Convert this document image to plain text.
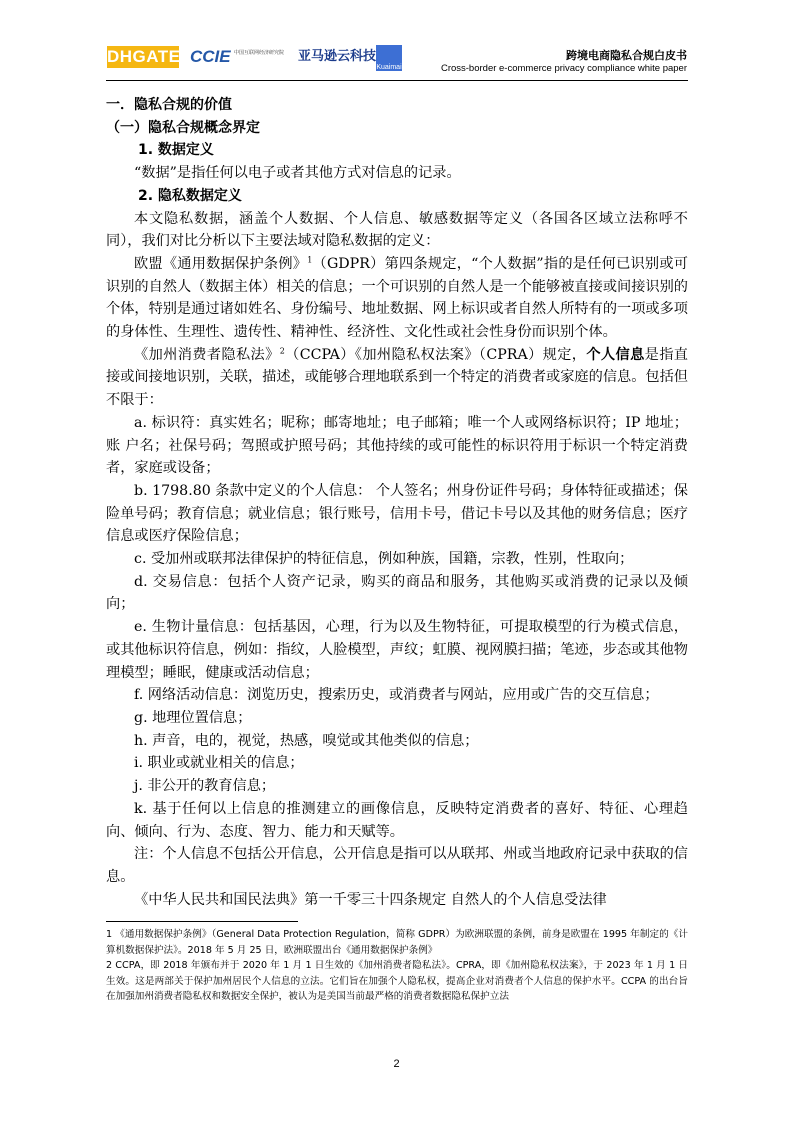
DHGATE CCIE 中国互联网经济研究院	亚马逊云科技
Kuaimai
跨境电商隐私合规白皮书
Cross-border e-commerce privacy compliance white paper

一．隐私合规的价值

（一）隐私合规概念界定

1. 数据定义

“数据”是指任何以电子或者其他方式对信息的记录。

2. 隐私数据定义

本文隐私数据，涵盖个人数据、个人信息、敏感数据等定义（各国各区域立法称呼不同），我们对比分析以下主要法域对隐私数据的定义：

欧盟《通用数据保护条例》$^1$（GDPR）第四条规定，“个人数据”指的是任何已识别或可识别的自然人（数据主体）相关的信息；一个可识别的自然人是一个能够被直接或间接识别的个体，特别是通过诸如姓名、身份编号、地址数据、网上标识或者自然人所特有的一项或多项的身体性、生理性、遗传性、精神性、经济性、文化性或社会性身份而识别个体。

《加州消费者隐私法》$^2$（CCPA）《加州隐私权法案》（CPRA）规定，个人信息是指直接或间接地识别，关联，描述，或能够合理地联系到一个特定的消费者或家庭的信息。包括但不限于：

a. 标识符：真实姓名；昵称；邮寄地址；电子邮箱；唯一个人或网络标识符；IP 地址；账 户名；社保号码；驾照或护照号码；其他持续的或可能性的标识符用于标识一个特定消费者，家庭或设备；

b. 1798.80 条款中定义的个人信息： 个人签名；州身份证件号码；身体特征或描述；保险单号码；教育信息；就业信息；银行账号，信用卡号，借记卡号以及其他的财务信息；医疗信息或医疗保险信息；

c. 受加州或联邦法律保护的特征信息，例如种族，国籍，宗教，性别，性取向；

d. 交易信息：包括个人资产记录，购买的商品和服务，其他购买或消费的记录以及倾向；

e. 生物计量信息：包括基因，心理，行为以及生物特征，可提取模型的行为模式信息，或其他标识符信息，例如：指纹，人脸模型，声纹；虹膜、视网膜扫描；笔迹，步态或其他物理模型；睡眠，健康或活动信息；

f. 网络活动信息：浏览历史，搜索历史，或消费者与网站，应用或广告的交互信息；

g. 地理位置信息；

h. 声音，电的，视觉，热感，嗅觉或其他类似的信息；

i. 职业或就业相关的信息；

j. 非公开的教育信息；

k. 基于任何以上信息的推测建立的画像信息，反映特定消费者的喜好、特征、心理趋向、倾向、行为、态度、智力、能力和天赋等。

注：个人信息不包括公开信息，公开信息是指可以从联邦、州或当地政府记录中获取的信息。

《中华人民共和国民法典》第一千零三十四条规定 自然人的个人信息受法律

1 《通用数据保护条例》（General Data Protection Regulation，简称 GDPR）为欧洲联盟的条例，前身是欧盟在 1995 年制定的《计算机数据保护法》。2018 年 5 月 25 日，欧洲联盟出台《通用数据保护条例》

2 CCPA，即 2018 年颁布并于 2020 年 1 月 1 日生效的《加州消费者隐私法》。CPRA，即《加州隐私权法案》，于 2023 年 1 月 1 日生效。这是两部关于保护加州居民个人信息的立法。它们旨在加强个人隐私权，提高企业对消费者个人信息的保护水平。CCPA 的出台旨在加强加州消费者隐私权和数据安全保护，被认为是美国当前最严格的消费者数据隐私保护立法

2
